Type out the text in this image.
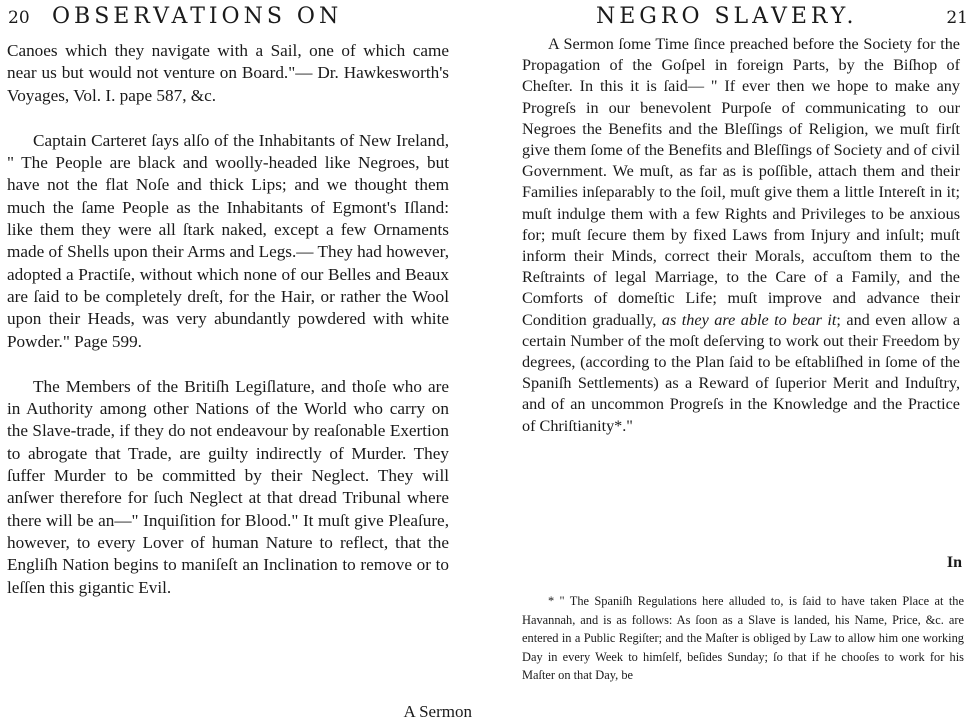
20 OBSERVATIONS ON

Canoes which they navigate with a Sail, one of which came near us but would not venture on Board."— Dr. Hawkesworth's Voyages, Vol. I. pape 587, &c.

Captain Carteret ſays alſo of the Inhabitants of New Ireland, " The People are black and woolly-headed like Negroes, but have not the flat Noſe and thick Lips; and we thought them much the ſame People as the Inhabitants of Egmont's Iſland: like them they were all ſtark naked, except a few Ornaments made of Shells upon their Arms and Legs.— They had however, adopted a Practiſe, without which none of our Belles and Beaux are ſaid to be completely dreſt, for the Hair, or rather the Wool upon their Heads, was very abundantly powdered with white Powder." Page 599.

The Members of the Britiſh Legiſlature, and thoſe who are in Authority among other Nations of the World who carry on the Slave-trade, if they do not endeavour by reaſonable Exertion to abrogate that Trade, are guilty indirectly of Murder. They ſuffer Murder to be committed by their Neglect. They will anſwer therefore for ſuch Neglect at that dread Tribunal where there will be an—" Inquiſition for Blood." It muſt give Pleaſure, however, to every Lover of human Nature to reflect, that the Engliſh Nation begins to maniſeſt an Inclination to remove or to leſſen this gigantic Evil.

A Sermon
NEGRO SLAVERY.	21

A Sermon ſome Time ſince preached before the Society for the Propagation of the Goſpel in foreign Parts, by the Biſhop of Cheſter. In this it is ſaid— " If ever then we hope to make any Progreſs in our benevolent Purpoſe of communicating to our Negroes the Benefits and the Bleſſings of Religion, we muſt firſt give them ſome of the Benefits and Bleſſings of Society and of civil Government. We muſt, as far as is poſſible, attach them and their Families inſeparably to the ſoil, muſt give them a little Intereſt in it; muſt indulge them with a few Rights and Privileges to be anxious for; muſt ſecure them by fixed Laws from Injury and inſult; muſt inform their Minds, correct their Morals, accuſtom them to the Reſtraints of legal Marriage, to the Care of a Family, and the Comforts of domeſtic Life; muſt improve and advance their Condition gradually, as they are able to bear it; and even allow a certain Number of the moſt deſerving to work out their Freedom by degrees, (according to the Plan ſaid to be eſtabliſhed in ſome of the Spaniſh Settlements) as a Reward of ſuperior Merit and Induſtry, and of an uncommon Progreſs in the Knowledge and the Practice of Chriſtianity*."

In

* " The Spaniſh Regulations here alluded to, is ſaid to have taken Place at the Havannah, and is as follows: As ſoon as a Slave is landed, his Name, Price, &c. are entered in a Public Regiſter; and the Maſter is obliged by Law to allow him one working Day in every Week to himſelf, beſides Sunday; ſo that if he chooſes to work for his Maſter on that Day, be
